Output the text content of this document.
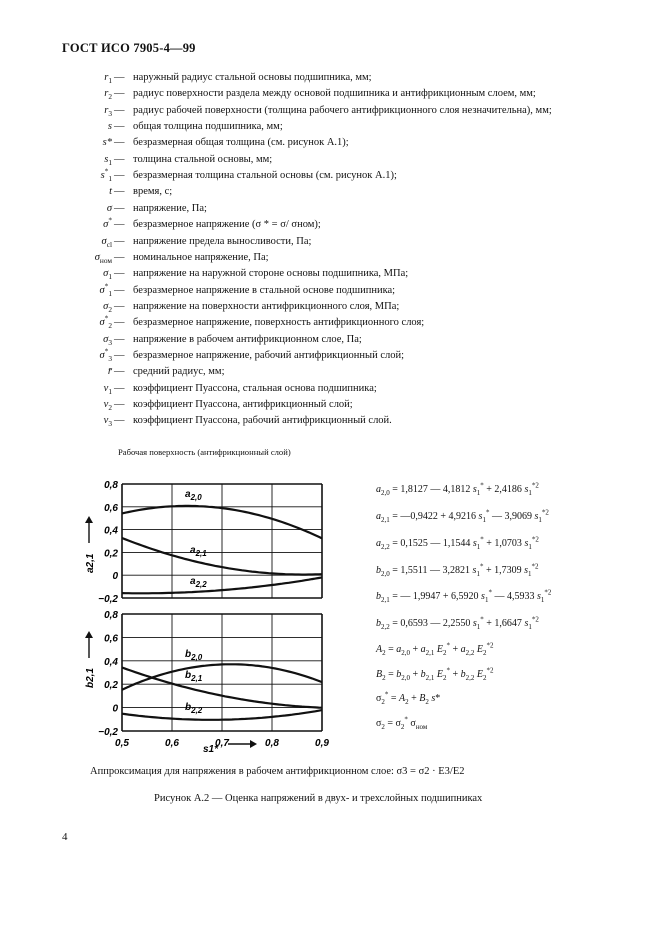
ГОСТ ИСО 7905-4—99
$r_1$ — наружный радиус стальной основы подшипника, мм;
$r_2$ — радиус поверхности раздела между основой подшипника и антифрикционным слоем, мм;
$r_3$ — радиус рабочей поверхности (толщина рабочего антифрикционного слоя незначительна), мм;
s — общая толщина подшипника, мм;
s* — безразмерная общая толщина (см. рисунок А.1);
$s_1$ — толщина стальной основы, мм;
$s^*_1$ — безразмерная толщина стальной основы (см. рисунок А.1);
t — время, с;
σ — напряжение, Па;
σ* — безразмерное напряжение (σ * = σ/ σном);
$\sigma_{cl}$ — напряжение предела выносливости, Па;
$\sigma_{ном}$ — номинальное напряжение, Па;
$\sigma_1$ — напряжение на наружной стороне основы подшипника, МПа;
$\sigma^*_1$ — безразмерное напряжение в стальной основе подшипника;
$\sigma_2$ — напряжение на поверхности антифрикционного слоя, МПа;
$\sigma^*_2$ — безразмерное напряжение, поверхность антифрикционного слоя;
$\sigma_3$ — напряжение в рабочем антифрикционном слое, Па;
$\sigma^*_3$ — безразмерное напряжение, рабочий антифрикционный слой;
r̄ — средний радиус, мм;
$\nu_1$ — коэффициент Пуассона, стальная основа подшипника;
$\nu_2$ — коэффициент Пуассона, антифрикционный слой;
$\nu_3$ — коэффициент Пуассона, рабочий антифрикционный слой.
Рабочая поверхность (антифрикционный слой)
0,8
0,6
0,4
0,2
0
−0,2
a2,1
$a_{2,0}$
$a_{2,1}$
$a_{2,2}$
0,8
0,6
0,4
0,2
0
−0,2
0,5	0,6	0,7	0,8	0,9
s1*
b2,1
$b_{2,0}$
$b_{2,1}$
$b_{2,2}$
$a_{2,0} = 1,8127$ — 4,1812 $s_1^* + 2,4186$ $s_1^{*2}$
$a_{2,1}$ = —0,9422 + 4,9216 $s_1^*$ — 3,9069 $s_1^{*2}$
$a_{2,2} = 0,1525$ — 1,1544 $s_1^* + 1,0703$ $s_1^{*2}$
$b_{2,0} = 1,5511$ — 3,2821 $s_1^* + 1,7309$ $s_1^{*2}$
$b_{2,1}$ = — 1,9947 + 6,5920 $s_1^*$ — 4,5933 $s_1^{*2}$
$b_{2,2} = 0,6593$ — 2,2550 $s_1^* + 1,6647$ $s_1^{*2}$
$A_2 = a_{2,0} + a_{2,1}$ $E_2^* + a_{2,2}$ $E_2^{*2}$
$B_2 = b_{2,0} + b_{2,1}$ $E_2^* + b_{2,2}$ $E_2^{*2}$
$\sigma_2^* = A_2 + B_2$ s*
$\sigma_2 = \sigma_2^*$ $\sigma_{ном}$
Аппроксимация для напряжения в рабочем антифрикционном слое: σ3 = σ2 · E3/E2
Рисунок А.2 — Оценка напряжений в двух- и трехслойных подшипниках
4
